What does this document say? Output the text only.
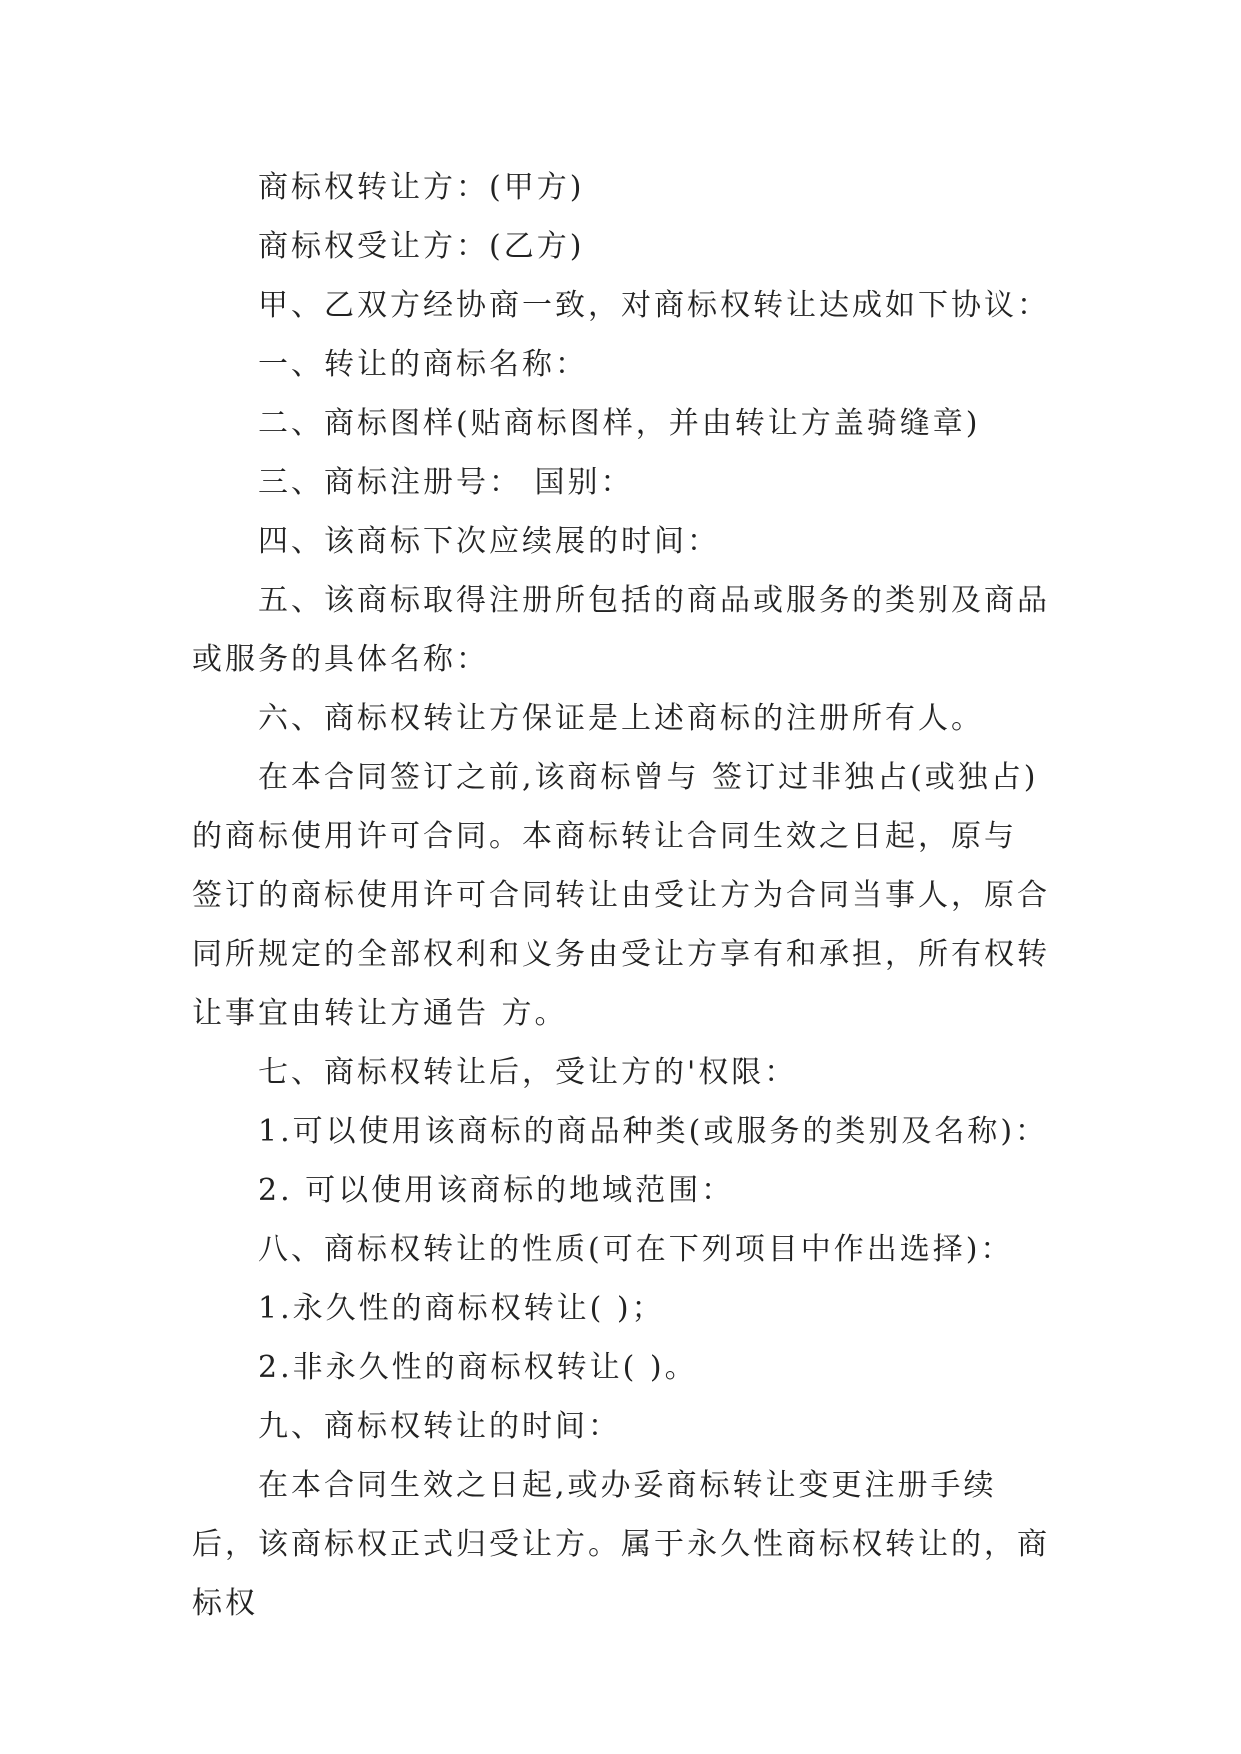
商标权转让方：(甲方)

商标权受让方：(乙方)

甲、乙双方经协商一致，对商标权转让达成如下协议：

一、转让的商标名称：

二、商标图样(贴商标图样，并由转让方盖骑缝章)

三、商标注册号： 国别：

四、该商标下次应续展的时间：

五、该商标取得注册所包括的商品或服务的类别及商品或服务的具体名称：

六、商标权转让方保证是上述商标的注册所有人。

在本合同签订之前,该商标曾与 签订过非独占(或独占)的商标使用许可合同。本商标转让合同生效之日起，原与 签订的商标使用许可合同转让由受让方为合同当事人，原合同所规定的全部权利和义务由受让方享有和承担，所有权转让事宜由转让方通告 方。

七、商标权转让后，受让方的'权限：

1.可以使用该商标的商品种类(或服务的类别及名称)：

2. 可以使用该商标的地域范围：

八、商标权转让的性质(可在下列项目中作出选择)：

1.永久性的商标权转让( )；

2.非永久性的商标权转让( )。

九、商标权转让的时间：

在本合同生效之日起,或办妥商标转让变更注册手续后，该商标权正式归受让方。属于永久性商标权转让的，商标权
